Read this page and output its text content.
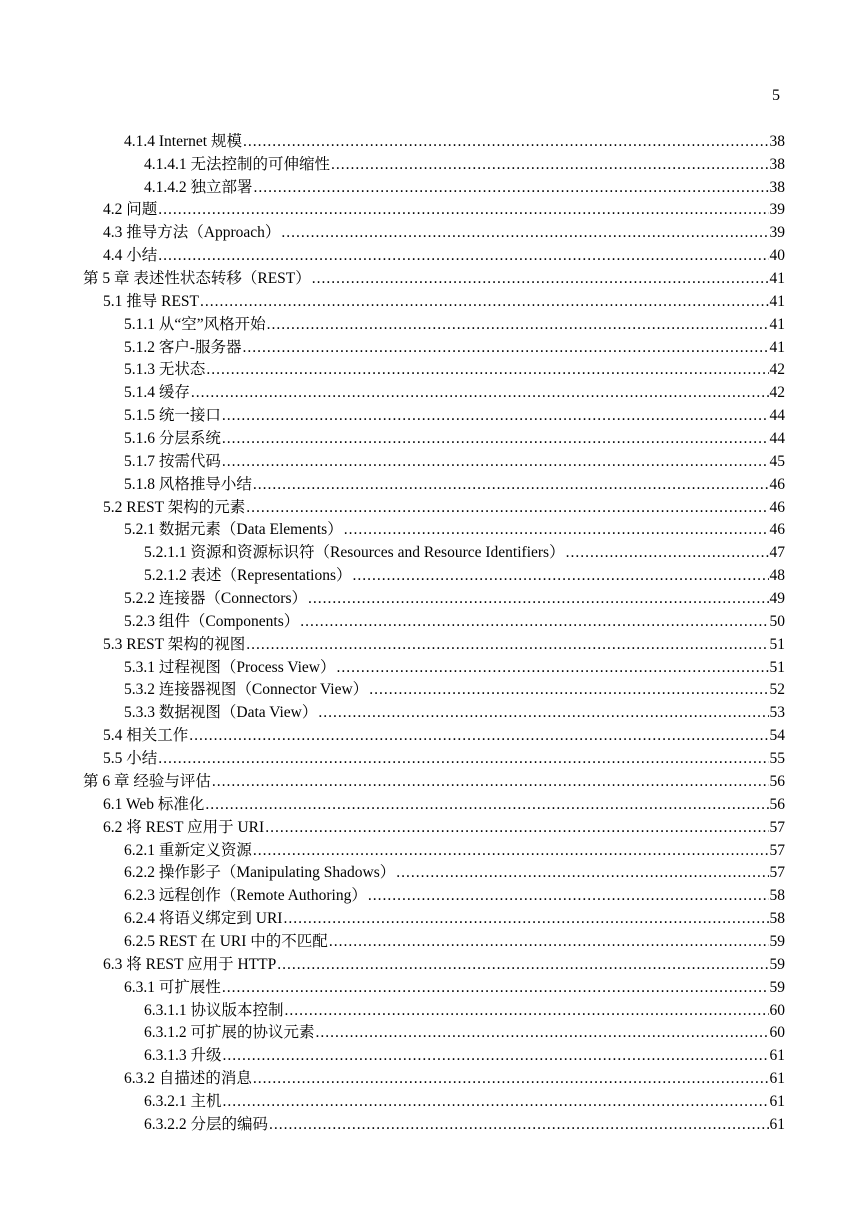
5
4.1.4 Internet 规模 .....	38
4.1.4.1 无法控制的可伸缩性 .....	38
4.1.4.2 独立部署 .....	38
4.2 问题 .....	39
4.3 推导方法（Approach） .....	39
4.4 小结 .....	40
第 5 章 表述性状态转移（REST） .....	41
5.1 推导 REST .....	41
5.1.1 从“空”风格开始 .....	41
5.1.2 客户-服务器 .....	41
5.1.3 无状态 .....	42
5.1.4 缓存 .....	42
5.1.5 统一接口 .....	44
5.1.6 分层系统 .....	44
5.1.7 按需代码 .....	45
5.1.8 风格推导小结 .....	46
5.2 REST 架构的元素 .....	46
5.2.1 数据元素（Data Elements） .....	46
5.2.1.1 资源和资源标识符（Resources and Resource Identifiers） .....	47
5.2.1.2 表述（Representations） .....	48
5.2.2 连接器（Connectors） .....	49
5.2.3 组件（Components） .....	50
5.3 REST 架构的视图 .....	51
5.3.1 过程视图（Process View） .....	51
5.3.2 连接器视图（Connector View） .....	52
5.3.3 数据视图（Data View） .....	53
5.4 相关工作 .....	54
5.5 小结 .....	55
第 6 章 经验与评估 .....	56
6.1 Web 标准化 .....	56
6.2 将 REST 应用于 URI .....	57
6.2.1 重新定义资源 .....	57
6.2.2 操作影子（Manipulating Shadows） .....	57
6.2.3 远程创作（Remote Authoring） .....	58
6.2.4 将语义绑定到 URI .....	58
6.2.5 REST 在 URI 中的不匹配 .....	59
6.3 将 REST 应用于 HTTP .....	59
6.3.1 可扩展性 .....	59
6.3.1.1 协议版本控制 .....	60
6.3.1.2 可扩展的协议元素 .....	60
6.3.1.3 升级 .....	61
6.3.2 自描述的消息 .....	61
6.3.2.1 主机 .....	61
6.3.2.2 分层的编码 .....	61
